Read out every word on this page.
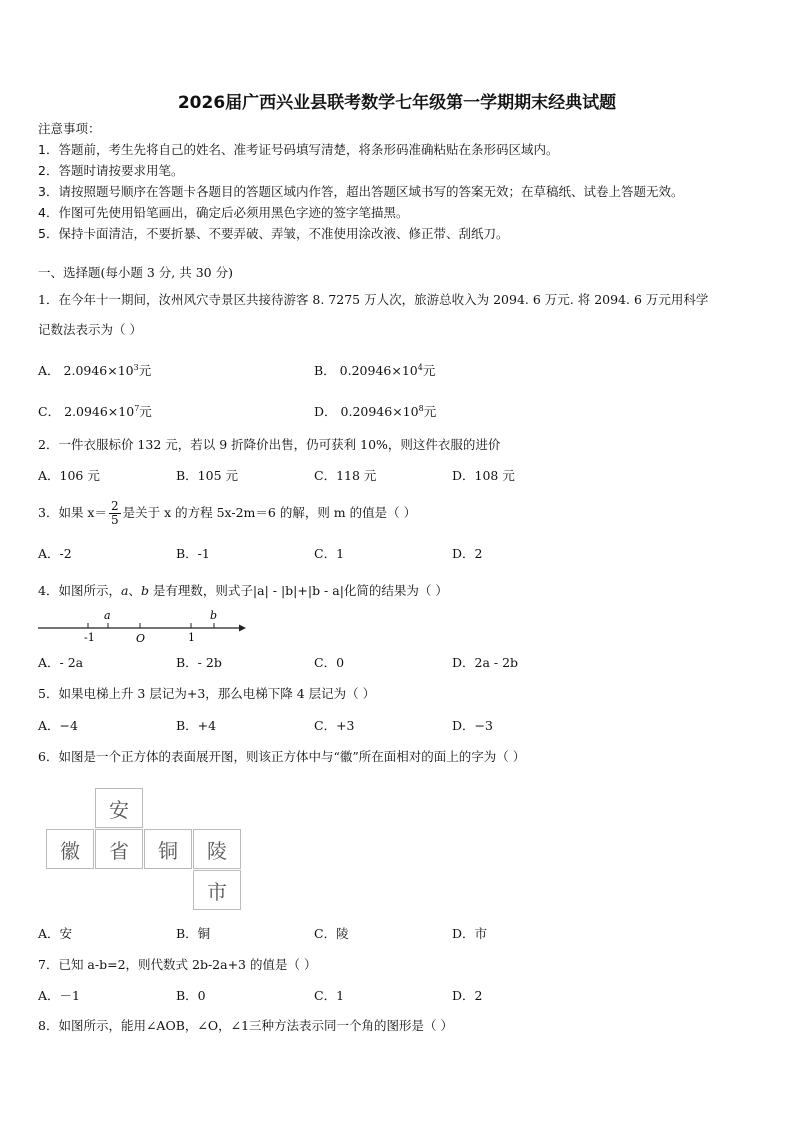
2026届广西兴业县联考数学七年级第一学期期末经典试题
注意事项：
1．答题前，考生先将自己的姓名、准考证号码填写清楚，将条形码准确粘贴在条形码区域内。
2．答题时请按要求用笔。
3．请按照题号顺序在答题卡各题目的答题区域内作答，超出答题区域书写的答案无效；在草稿纸、试卷上答题无效。
4．作图可先使用铅笔画出，确定后必须用黑色字迹的签字笔描黑。
5．保持卡面清洁，不要折暴、不要弄破、弄皱，不准使用涂改液、修正带、刮纸刀。
一、选择题(每小题 3 分, 共 30 分)
1．在今年十一期间，汝州风穴寺景区共接待游客 8. 7275 万人次，旅游总收入为 2094. 6 万元. 将 2094. 6 万元用科学
记数法表示为（ ）
A． $2.0946\times 10^3$元	B． $0.20946\times 10^4$元
C． $2.0946\times 10^7$元	D． $0.20946\times 10^8$元
2．一件衣服标价 132 元，若以 9 折降价出售，仍可获利 10%，则这件衣服的进价
A．106 元	B．105 元	C．118 元	D．108 元
3．如果 $x= \frac{2}{5}$ 是关于 x 的方程 5x-2m＝6 的解，则 m 的值是（ ）
A．-2	B．-1	C．1	D．2
4．如图所示，a、b 是有理数，则式子|a| - |b|+|b - a|化简的结果为（ ）
-1	O	1
a	b
A．- 2a	B．- 2b	C．0	D．2a - 2b
5．如果电梯上升 3 层记为+3，那么电梯下降 4 层记为（ ）
A．−4	B．+4	C．+3	D．−3
6．如图是一个正方体的表面展开图，则该正方体中与“徽”所在面相对的面上的字为（ ）
安
徽	省	铜	陵
市
A．安	B．铜	C．陵	D．市
7．已知 a-b=2，则代数式 2b-2a+3 的值是（ ）
A．－1	B．0	C．1	D．2
8．如图所示，能用∠AOB，∠O，∠1三种方法表示同一个角的图形是（ ）
